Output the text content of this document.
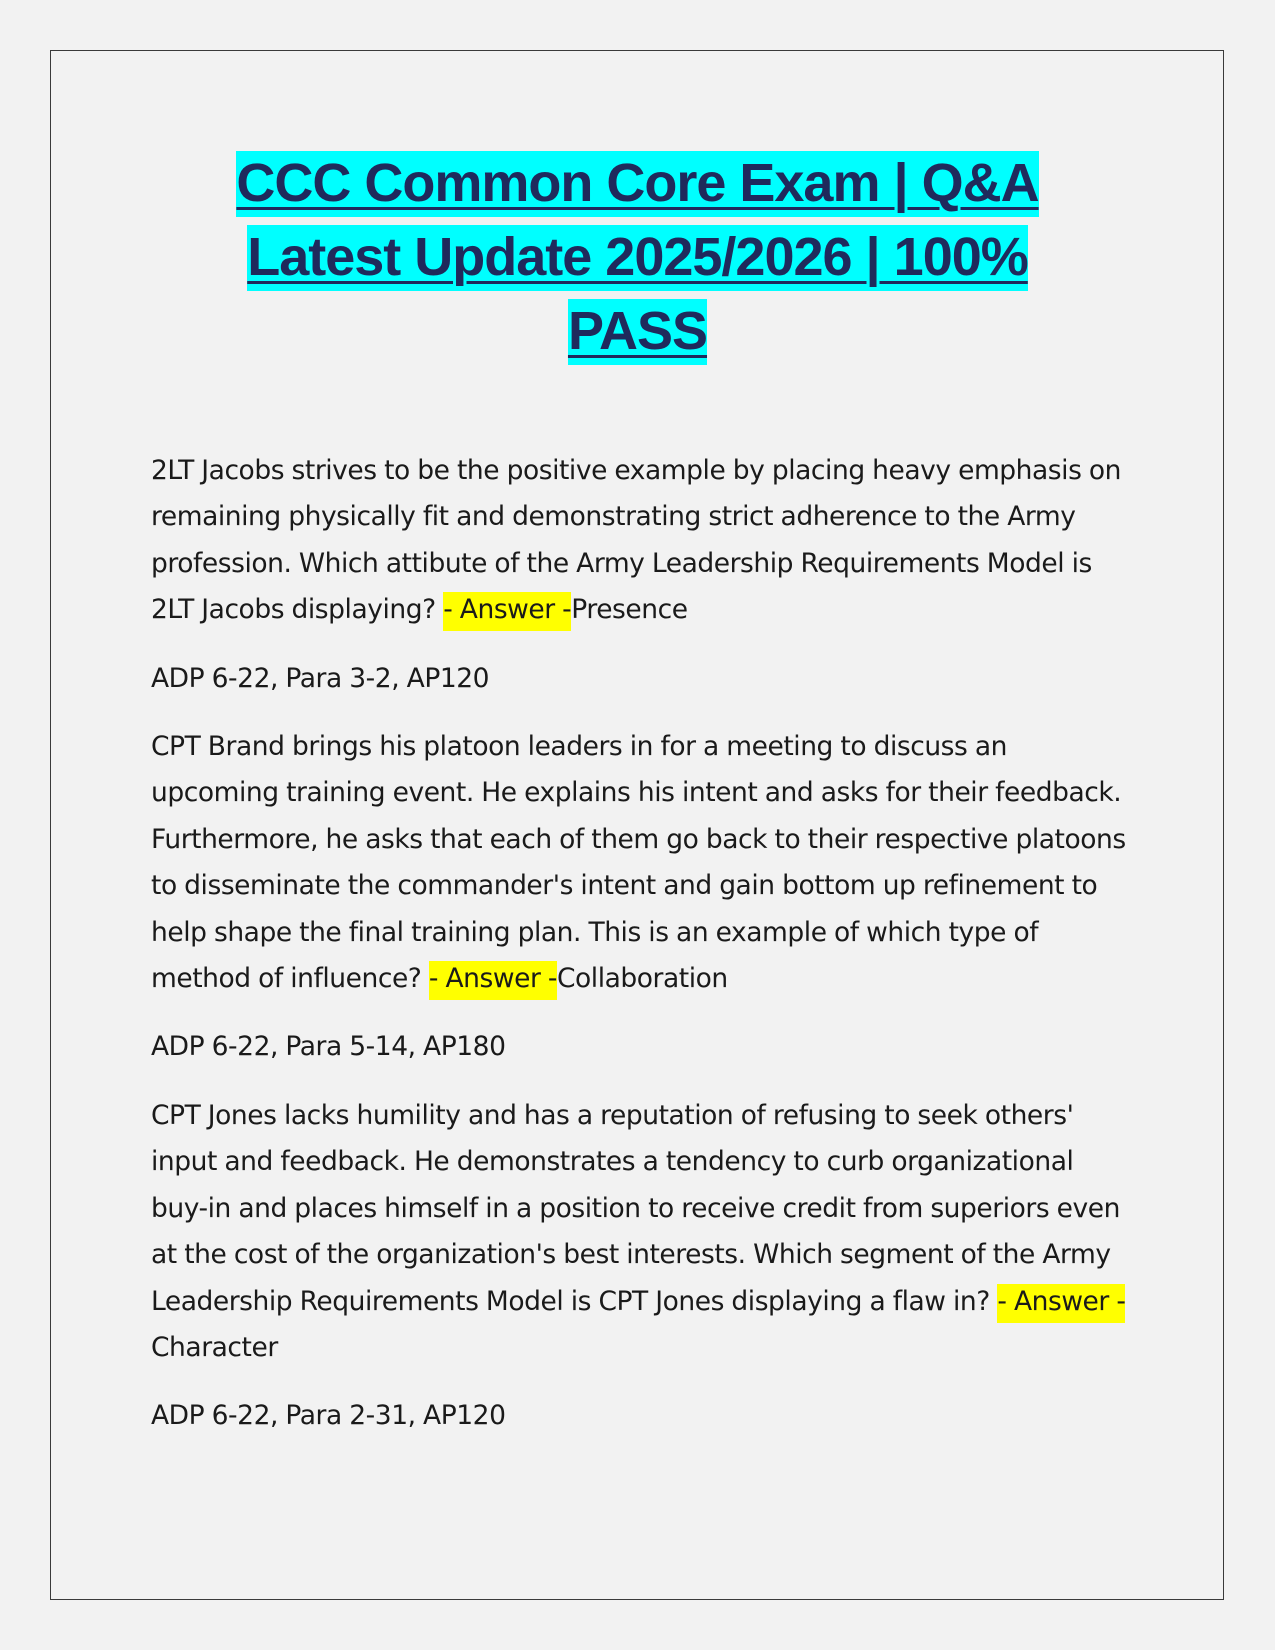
CCC Common Core Exam | Q&A
Latest Update 2025/2026 | 100%
PASS

2LT Jacobs strives to be the positive example by placing heavy emphasis on remaining physically fit and demonstrating strict adherence to the Army profession. Which attibute of the Army Leadership Requirements Model is 2LT Jacobs displaying? - Answer -Presence

ADP 6-22, Para 3-2, AP120

CPT Brand brings his platoon leaders in for a meeting to discuss an upcoming training event. He explains his intent and asks for their feedback. Furthermore, he asks that each of them go back to their respective platoons to disseminate the commander's intent and gain bottom up refinement to help shape the final training plan. This is an example of which type of method of influence? - Answer -Collaboration

ADP 6-22, Para 5-14, AP180

CPT Jones lacks humility and has a reputation of refusing to seek others' input and feedback. He demonstrates a tendency to curb organizational buy-in and places himself in a position to receive credit from superiors even at the cost of the organization's best interests. Which segment of the Army Leadership Requirements Model is CPT Jones displaying a flaw in? - Answer -Character

ADP 6-22, Para 2-31, AP120
